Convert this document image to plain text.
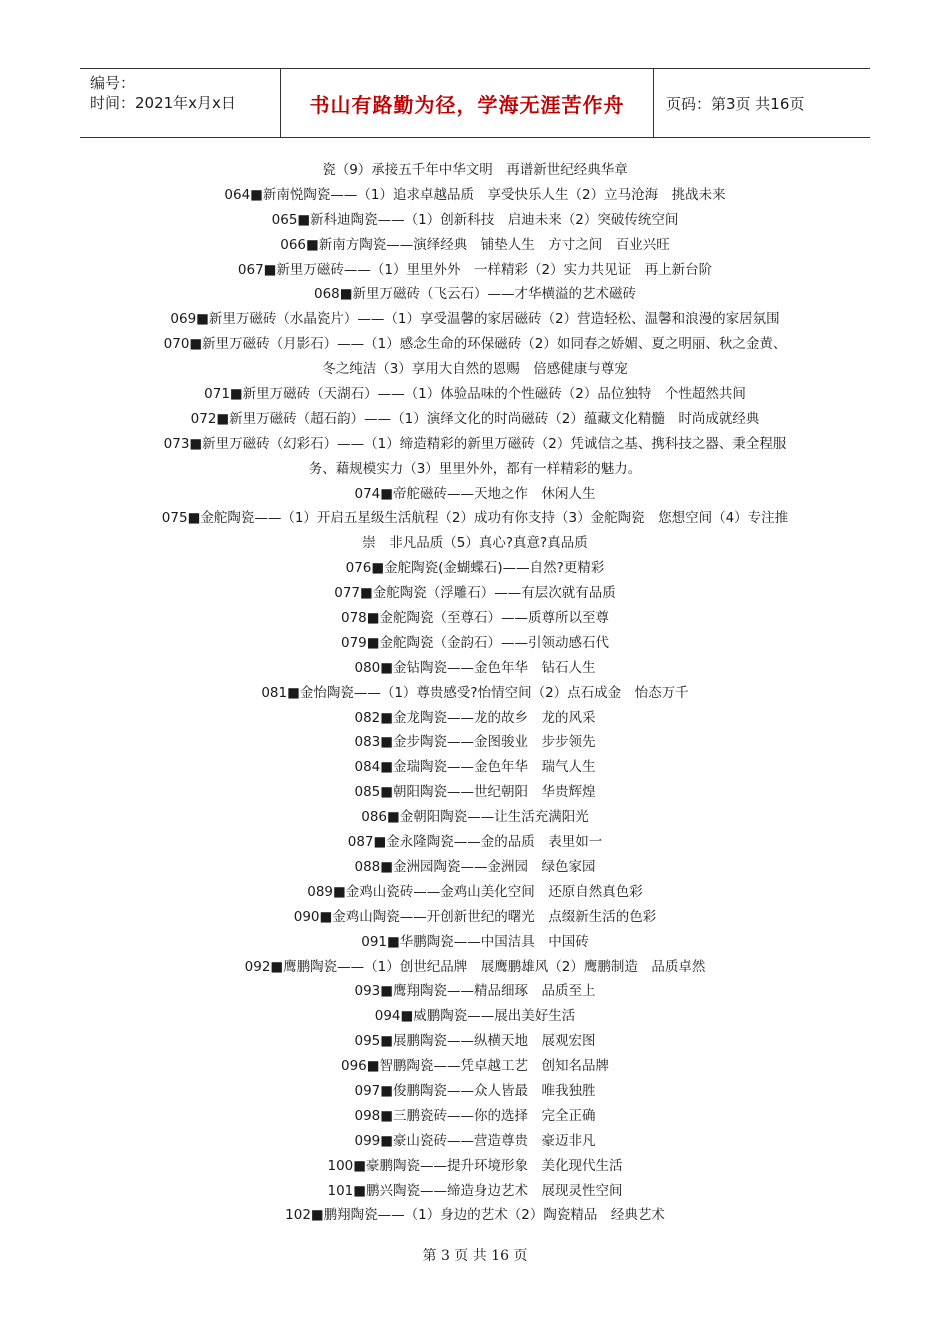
编号：
时间：2021年x月x日	书山有路勤为径，学海无涯苦作舟	页码：第3页 共16页
瓷（9）承接五千年中华文明　再谱新世纪经典华章
064■新南悦陶瓷——（1）追求卓越品质　享受快乐人生（2）立马沧海　挑战未来
065■新科迪陶瓷——（1）创新科技　启迪未来（2）突破传统空间
066■新南方陶瓷——演绎经典　铺垫人生　方寸之间　百业兴旺
067■新里万磁砖——（1）里里外外　一样精彩（2）实力共见证　再上新台阶
068■新里万磁砖（飞云石）——才华横溢的艺术磁砖
069■新里万磁砖（水晶瓷片）——（1）享受温馨的家居磁砖（2）营造轻松、温馨和浪漫的家居氛围
070■新里万磁砖（月影石）——（1）感念生命的环保磁砖（2）如同春之娇媚、夏之明丽、秋之金黄、
冬之纯洁（3）享用大自然的恩赐　倍感健康与尊宠
071■新里万磁砖（天湖石）——（1）体验品味的个性磁砖（2）品位独特　个性超然共间
072■新里万磁砖（超石韵）——（1）演绎文化的时尚磁砖（2）蕴藏文化精髓　时尚成就经典
073■新里万磁砖（幻彩石）——（1）缔造精彩的新里万磁砖（2）凭诚信之基、携科技之器、秉全程服
务、藉规模实力（3）里里外外，都有一样精彩的魅力。
074■帝舵磁砖——天地之作　休闲人生
075■金舵陶瓷——（1）开启五星级生活航程（2）成功有你支持（3）金舵陶瓷　您想空间（4）专注推
崇　非凡品质（5）真心?真意?真品质
076■金舵陶瓷(金蝴蝶石)——自然?更精彩
077■金舵陶瓷（浮雕石）——有层次就有品质
078■金舵陶瓷（至尊石）——质尊所以至尊
079■金舵陶瓷（金韵石）——引领动感石代
080■金钻陶瓷——金色年华　钻石人生
081■金怡陶瓷——（1）尊贵感受?怡情空间（2）点石成金　怡态万千
082■金龙陶瓷——龙的故乡　龙的风采
083■金步陶瓷——金图骏业　步步领先
084■金瑞陶瓷——金色年华　瑞气人生
085■朝阳陶瓷——世纪朝阳　华贵辉煌
086■金朝阳陶瓷——让生活充满阳光
087■金永隆陶瓷——金的品质　表里如一
088■金洲园陶瓷——金洲园　绿色家园
089■金鸡山瓷砖——金鸡山美化空间　还原自然真色彩
090■金鸡山陶瓷——开创新世纪的曙光　点缀新生活的色彩
091■华鹏陶瓷——中国洁具　中国砖
092■鹰鹏陶瓷——（1）创世纪品牌　展鹰鹏雄风（2）鹰鹏制造　品质卓然
093■鹰翔陶瓷——精品细琢　品质至上
094■威鹏陶瓷——展出美好生活
095■展鹏陶瓷——纵横天地　展观宏图
096■智鹏陶瓷——凭卓越工艺　创知名品牌
097■俊鹏陶瓷——众人皆最　唯我独胜
098■三鹏瓷砖——你的选择　完全正确
099■豪山瓷砖——营造尊贵　豪迈非凡
100■豪鹏陶瓷——提升环境形象　美化现代生活
101■鹏兴陶瓷——缔造身边艺术　展现灵性空间
102■鹏翔陶瓷——（1）身边的艺术（2）陶瓷精品　经典艺术
第 3 页 共 16 页
